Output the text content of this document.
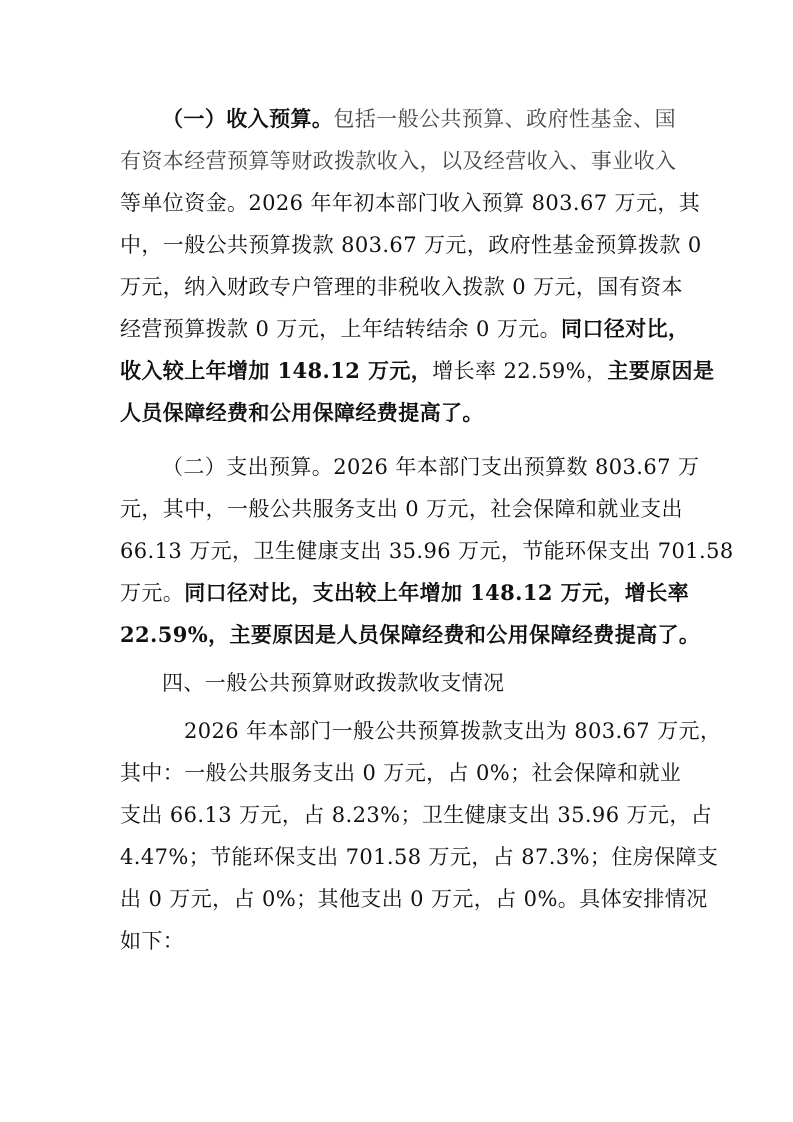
（一）收入预算。包括一般公共预算、政府性基金、国
有资本经营预算等财政拨款收入，以及经营收入、事业收入
等单位资金。2026 年年初本部门收入预算 803.67 万元，其
中，一般公共预算拨款 803.67 万元，政府性基金预算拨款 0
万元，纳入财政专户管理的非税收入拨款 0 万元，国有资本
经营预算拨款 0 万元，上年结转结余 0 万元。同口径对比，
收入较上年增加 148.12 万元，增长率 22.59%，主要原因是
人员保障经费和公用保障经费提高了。
（二）支出预算。2026 年本部门支出预算数 803.67 万
元，其中，一般公共服务支出 0 万元，社会保障和就业支出
66.13 万元，卫生健康支出 35.96 万元，节能环保支出 701.58
万元。同口径对比，支出较上年增加 148.12 万元，增长率
22.59%，主要原因是人员保障经费和公用保障经费提高了。
四、一般公共预算财政拨款收支情况
2026 年本部门一般公共预算拨款支出为 803.67 万元，
其中：一般公共服务支出 0 万元，占 0%；社会保障和就业
支出 66.13 万元，占 8.23%；卫生健康支出 35.96 万元，占
4.47%；节能环保支出 701.58 万元，占 87.3%；住房保障支
出 0 万元，占 0%；其他支出 0 万元，占 0%。具体安排情况
如下：
